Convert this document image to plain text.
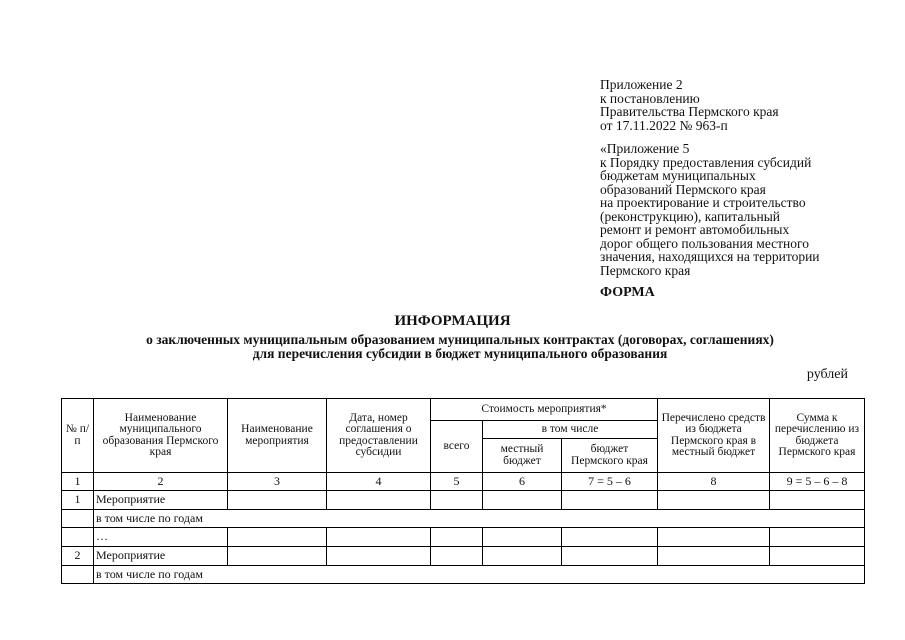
Приложение 2
к постановлению
Правительства Пермского края
от 17.11.2022 № 963-п
«Приложение 5
к Порядку предоставления субсидий
бюджетам муниципальных
образований Пермского края
на проектирование и строительство
(реконструкцию), капитальный
ремонт и ремонт автомобильных
дорог общего пользования местного
значения, находящихся на территории
Пермского края
ФОРМА
ИНФОРМАЦИЯ
о заключенных муниципальным образованием муниципальных контрактах (договорах, соглашениях)
для перечисления субсидии в бюджет муниципального образования
рублей
№ п/п	Наименование муниципального образования Пермского края	Наименование мероприятия	Дата, номер соглашения о предоставлении субсидии	Стоимость мероприятия*			Перечислено средств из бюджета Пермского края в местный бюджет	Сумма к перечислению из бюджета Пермского края
				всего	в том числе			
					местный бюджет	бюджет Пермского края		
1	2	3	4	5	6	7 = 5 – 6	8	9 = 5 – 6 – 8
1	Мероприятие							
	в том числе по годам							
	…							
2	Мероприятие							
	в том числе по годам							
